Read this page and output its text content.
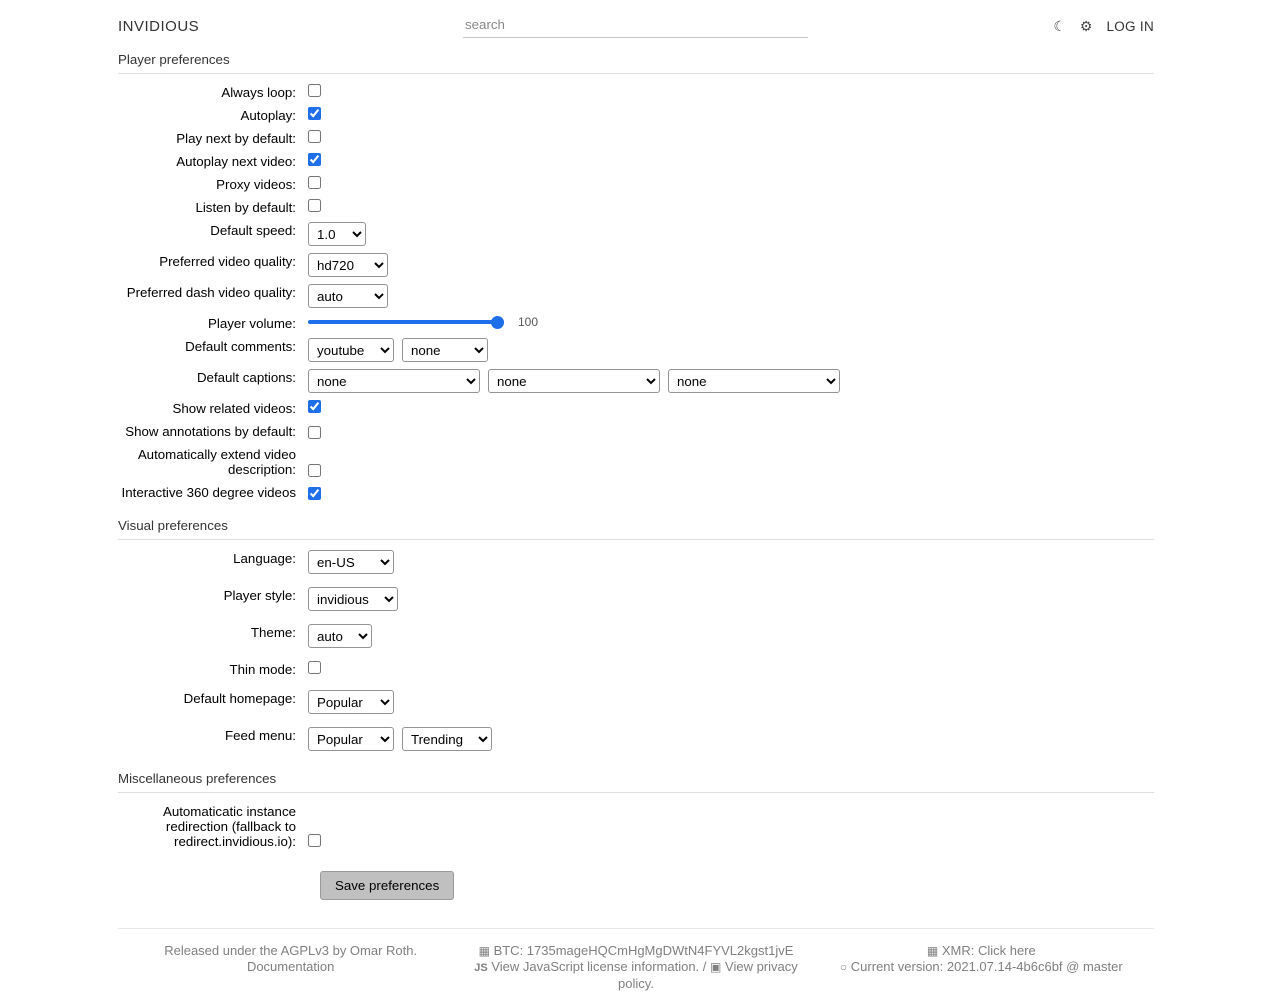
INVIDIOUS
search	☾ ⚙ LOG IN
Player preferences
Always loop:
Autoplay:
Play next by default:
Autoplay next video:
Proxy videos:
Listen by default:
Default speed:
1.0
Preferred video quality:
hd720
Preferred dash video quality:
auto
Player volume:	100
Default comments:
youtube
none
Default captions:
none
none
none
Show related videos:
Show annotations by default:
Automatically extend video description:
Interactive 360 degree videos
Visual preferences
Language:
en-US
Player style:
invidious
Theme:
auto
Thin mode:
Default homepage:
Popular
Feed menu:
Popular
Trending
Miscellaneous preferences
Automaticatic instance redirection (fallback to redirect.invidious.io):
Save preferences
Released under the AGPLv3 by Omar Roth.
Documentation
▦ BTC: 1735mageHQCmHgMgDWtN4FYVL2kgst1jvE
JS View JavaScript license information. / ▣ View privacy policy.
▦ XMR: Click here
○ Current version: 2021.07.14-4b6c6bf @ master
